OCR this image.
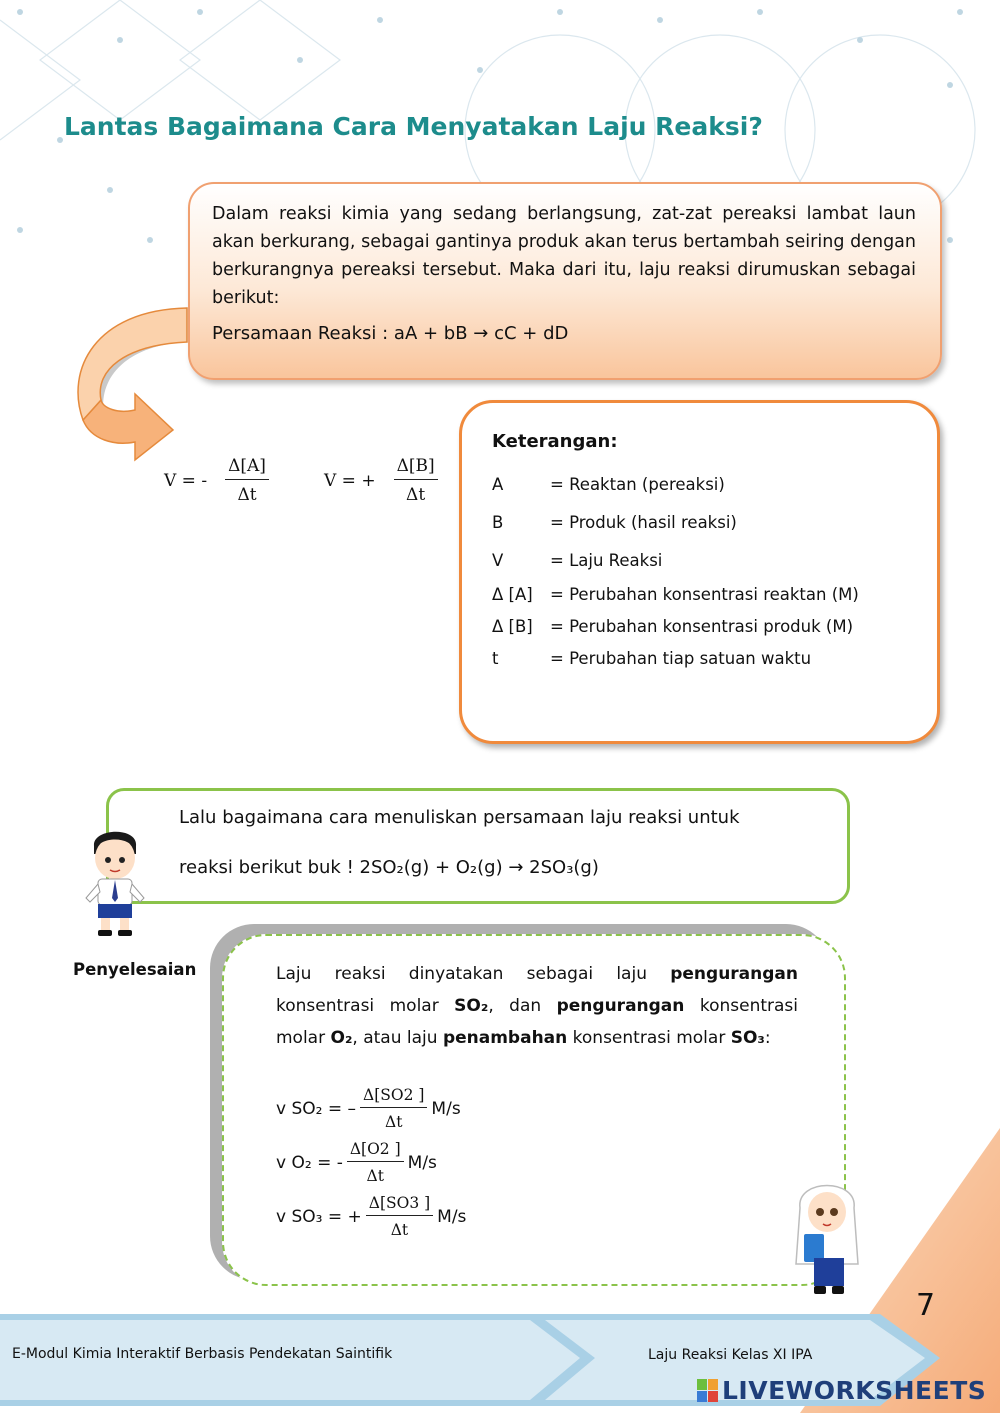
Lantas Bagaimana Cara Menyatakan Laju Reaksi?

Dalam reaksi kimia yang sedang berlangsung, zat-zat pereaksi lambat laun akan berkurang, sebagai gantinya produk akan terus bertambah seiring dengan berkurangnya pereaksi tersebut. Maka dari itu, laju reaksi dirumuskan sebagai berikut:

Persamaan Reaksi : aA + bB → cC + dD

V = - $\frac{\Delta[A]}{\Delta t}$	V = + $\frac{\Delta[B]}{\Delta t}$

Keterangan:

A	= Reaktan (pereaksi)
B	= Produk (hasil reaksi)
V	= Laju Reaksi
Δ [A]	= Perubahan konsentrasi reaktan (M)
Δ [B]	= Perubahan konsentrasi produk (M)
t	= Perubahan tiap satuan waktu

Lalu bagaimana cara menuliskan persamaan laju reaksi untuk

reaksi berikut buk ! 2SO₂(g) + O₂(g) → 2SO₃(g)

Penyelesaian	Laju reaksi dinyatakan sebagai laju pengurangan konsentrasi molar SO₂, dan pengurangan konsentrasi molar O₂, atau laju penambahan konsentrasi molar SO₃:

v SO₂ = – $\frac{\Delta[SO2 ]}{\Delta t} M/s$
v O₂ = - $\frac{\Delta[O2 ]}{\Delta t} M/s$
v SO₃ = + $\frac{\Delta[SO3 ]}{\Delta t} M/s$

7

E-Modul Kimia Interaktif Berbasis Pendekatan Saintifik	Laju Reaksi Kelas XI IPA

LIVEWORKSHEETS
